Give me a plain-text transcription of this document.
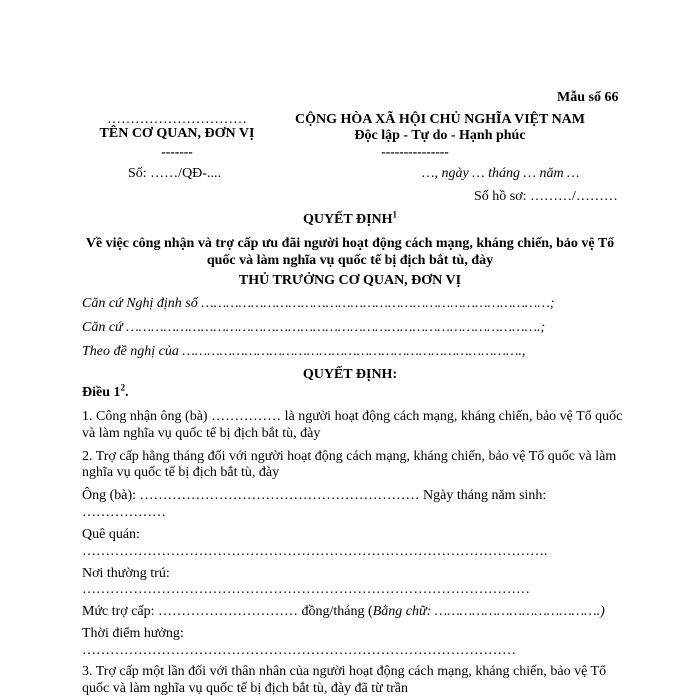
Mẫu số 66
…………………………
TÊN CƠ QUAN, ĐƠN VỊ
-------
Số: ……/QĐ-....
CỘNG HÒA XÃ HỘI CHỦ NGHĨA VIỆT NAM
Độc lập - Tự do - Hạnh phúc
---------------
…, ngày … tháng … năm …
Số hồ sơ: ………/………
QUYẾT ĐỊNH$^1$
Về việc công nhận và trợ cấp ưu đãi người hoạt động cách mạng, kháng chiến, bảo vệ Tổ
quốc và làm nghĩa vụ quốc tế bị địch bắt tù, đày
THỦ TRƯỞNG CƠ QUAN, ĐƠN VỊ
Căn cứ Nghị định số …………………………………………………………………………;
Căn cứ ……………………………………………………………………………………….;
Theo đề nghị của ……………………………………………………………………….,
QUYẾT ĐỊNH:
Điều $1^2$.
1. Công nhận ông (bà) …………… là người hoạt động cách mạng, kháng chiến, bảo vệ Tổ quốc
và làm nghĩa vụ quốc tế bị địch bắt tù, đày
2. Trợ cấp hằng tháng đối với người hoạt động cách mạng, kháng chiến, bảo vệ Tổ quốc và làm
nghĩa vụ quốc tế bị địch bắt tù, đày
Ông (bà): …………………………………………………… Ngày tháng năm sinh:
………………
Quê quán:
……………………………………………………………………………………….
Nơi thường trú:
……………………………………………………………………………………
Mức trợ cấp: ………………………… đồng/tháng (Bằng chữ: ………………………………….)
Thời điểm hưởng:
…………………………………………………………………………………
3. Trợ cấp một lần đối với thân nhân của người hoạt động cách mạng, kháng chiến, bảo vệ Tổ
quốc và làm nghĩa vụ quốc tế bị địch bắt tù, đày đã từ trần
